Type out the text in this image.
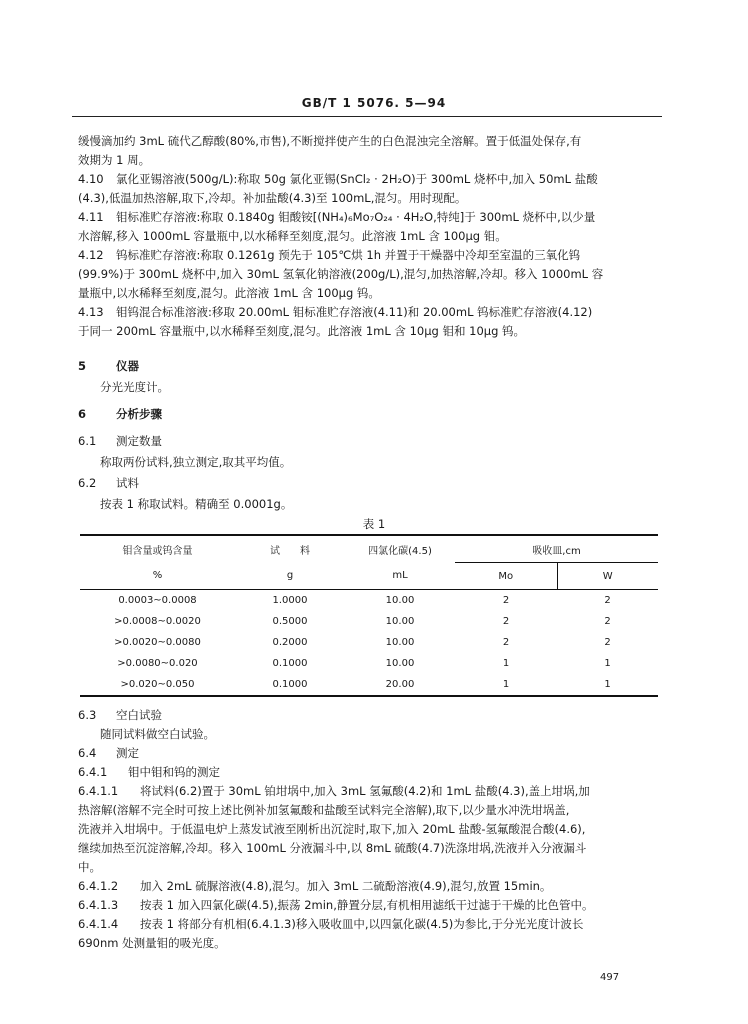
GB/T 1 5076. 5—94
缓慢滴加约 3mL 硫代乙醇酸(80%,市售),不断搅拌使产生的白色混浊完全溶解。置于低温处保存,有
效期为 1 周。
4.10 氯化亚锡溶液(500g/L):称取 50g 氯化亚锡(SnCl₂ · 2H₂O)于 300mL 烧杯中,加入 50mL 盐酸
(4.3),低温加热溶解,取下,冷却。补加盐酸(4.3)至 100mL,混匀。用时现配。
4.11 钼标准贮存溶液:称取 0.1840g 钼酸铵[(NH₄)₆Mo₇O₂₄ · 4H₂O,特纯]于 300mL 烧杯中,以少量
水溶解,移入 1000mL 容量瓶中,以水稀释至刻度,混匀。此溶液 1mL 含 100μg 钼。
4.12 钨标准贮存溶液:称取 0.1261g 预先于 105℃烘 1h 并置于干燥器中冷却至室温的三氧化钨
(99.9%)于 300mL 烧杯中,加入 30mL 氢氧化钠溶液(200g/L),混匀,加热溶解,冷却。移入 1000mL 容
量瓶中,以水稀释至刻度,混匀。此溶液 1mL 含 100μg 钨。
4.13 钼钨混合标准溶液:移取 20.00mL 钼标准贮存溶液(4.11)和 20.00mL 钨标准贮存溶液(4.12)
于同一 200mL 容量瓶中,以水稀释至刻度,混匀。此溶液 1mL 含 10μg 钼和 10μg 钨。
5	仪器
分光光度计。
6	分析步骤
6.1 测定数量
称取两份试料,独立测定,取其平均值。
6.2 试料
按表 1 称取试料。精确至 0.0001g。
表 1
钼含量或钨含量	试　　料	四氯化碳(4.5)	吸收皿,cm	
%	g	mL	Mo	W
0.0003~0.0008	1.0000	10.00	2	2
>0.0008~0.0020	0.5000	10.00	2	2
>0.0020~0.0080	0.2000	10.00	2	2
>0.0080~0.020	0.1000	10.00	1	1
>0.020~0.050	0.1000	20.00	1	1
6.3 空白试验
随同试料做空白试验。
6.4 测定
6.4.1 钼中钼和钨的测定
6.4.1.1 将试料(6.2)置于 30mL 铂坩埚中,加入 3mL 氢氟酸(4.2)和 1mL 盐酸(4.3),盖上坩埚,加
热溶解(溶解不完全时可按上述比例补加氢氟酸和盐酸至试料完全溶解),取下,以少量水冲洗坩埚盖,
洗液并入坩埚中。于低温电炉上蒸发试液至刚析出沉淀时,取下,加入 20mL 盐酸-氢氟酸混合酸(4.6),
继续加热至沉淀溶解,冷却。移入 100mL 分液漏斗中,以 8mL 硫酸(4.7)洗涤坩埚,洗液并入分液漏斗
中。
6.4.1.2 加入 2mL 硫脲溶液(4.8),混匀。加入 3mL 二硫酚溶液(4.9),混匀,放置 15min。
6.4.1.3 按表 1 加入四氯化碳(4.5),振荡 2min,静置分层,有机相用滤纸干过滤于干燥的比色管中。
6.4.1.4 按表 1 将部分有机相(6.4.1.3)移入吸收皿中,以四氯化碳(4.5)为参比,于分光光度计波长
690nm 处测量钼的吸光度。
497
